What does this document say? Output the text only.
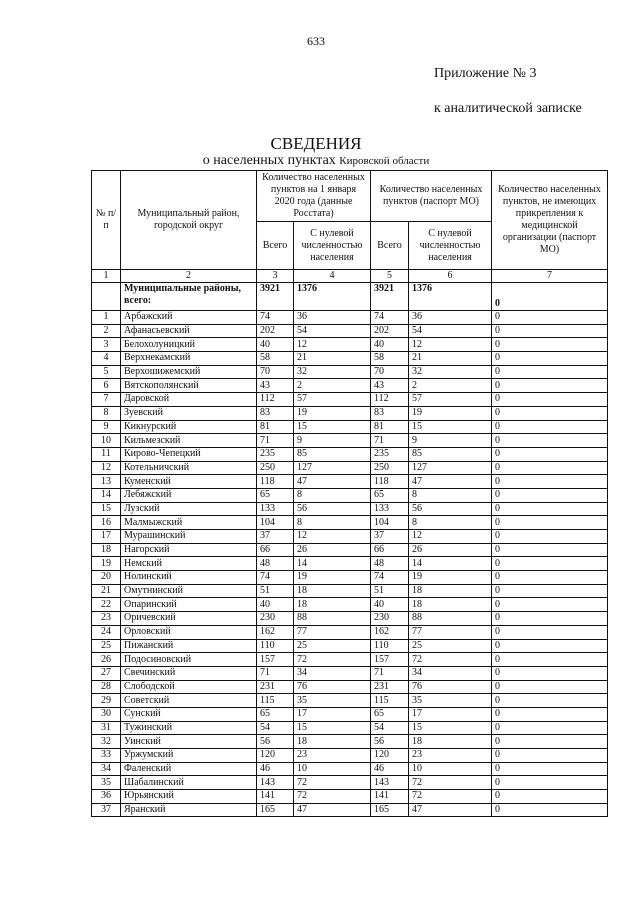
633
Приложение № 3
к аналитической записке
СВЕДЕНИЯ
о населенных пунктах Кировской области
№ п/п	Муниципальный район, городской округ	Количество населенных пунктов на 1 января 2020 года (данные Росстата)		Количество населенных пунктов (паспорт МО)		Количество населенных пунктов, не имеющих прикрепления к медицинской организации (паспорт МО)
		Всего	С нулевой численностью населения	Всего	С нулевой численностью населения	
1	2	3	4	5	6	7
	Муниципальные районы, всего:	3921	1376	3921	1376	0
1	Арбажский	74	36	74	36	0
2	Афанасьевский	202	54	202	54	0
3	Белохолуницкий	40	12	40	12	0
4	Верхнекамский	58	21	58	21	0
5	Верхошижемский	70	32	70	32	0
6	Вятскополянский	43	2	43	2	0
7	Даровской	112	57	112	57	0
8	Зуевский	83	19	83	19	0
9	Кикнурский	81	15	81	15	0
10	Кильмезский	71	9	71	9	0
11	Кирово-Чепецкий	235	85	235	85	0
12	Котельничский	250	127	250	127	0
13	Куменский	118	47	118	47	0
14	Лебяжский	65	8	65	8	0
15	Лузский	133	56	133	56	0
16	Малмыжский	104	8	104	8	0
17	Мурашинский	37	12	37	12	0
18	Нагорский	66	26	66	26	0
19	Немский	48	14	48	14	0
20	Нолинский	74	19	74	19	0
21	Омутнинский	51	18	51	18	0
22	Опаринский	40	18	40	18	0
23	Оричевский	230	88	230	88	0
24	Орловский	162	77	162	77	0
25	Пижанский	110	25	110	25	0
26	Подосиновский	157	72	157	72	0
27	Свечинский	71	34	71	34	0
28	Слободской	231	76	231	76	0
29	Советский	115	35	115	35	0
30	Сунский	65	17	65	17	0
31	Тужинский	54	15	54	15	0
32	Уинский	56	18	56	18	0
33	Уржумский	120	23	120	23	0
34	Фаленский	46	10	46	10	0
35	Шабалинский	143	72	143	72	0
36	Юрьянский	141	72	141	72	0
37	Яранский	165	47	165	47	0
